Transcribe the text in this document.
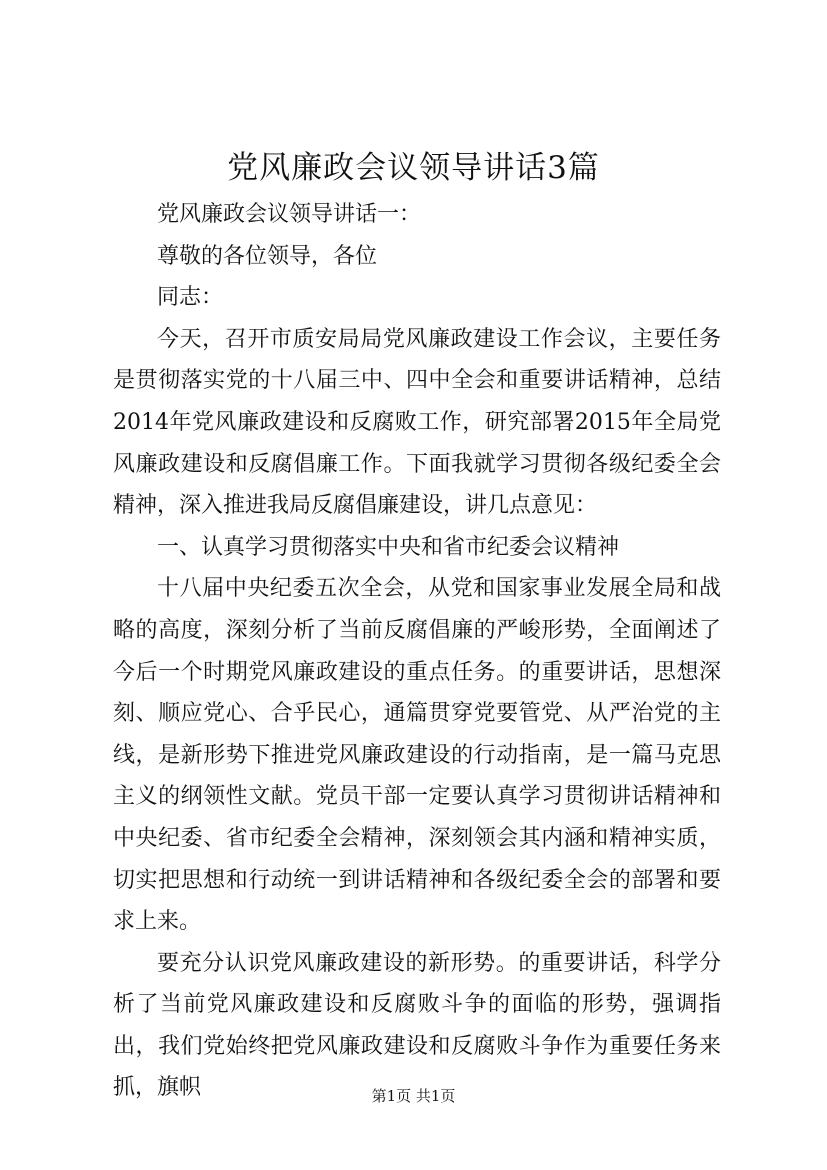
党风廉政会议领导讲话3篇

党风廉政会议领导讲话一：

尊敬的各位领导，各位

同志：

今天，召开市质安局局党风廉政建设工作会议，主要任务是贯彻落实党的十八届三中、四中全会和重要讲话精神，总结2014年党风廉政建设和反腐败工作，研究部署2015年全局党风廉政建设和反腐倡廉工作。下面我就学习贯彻各级纪委全会精神，深入推进我局反腐倡廉建设，讲几点意见：

一、认真学习贯彻落实中央和省市纪委会议精神

十八届中央纪委五次全会，从党和国家事业发展全局和战略的高度，深刻分析了当前反腐倡廉的严峻形势，全面阐述了今后一个时期党风廉政建设的重点任务。的重要讲话，思想深刻、顺应党心、合乎民心，通篇贯穿党要管党、从严治党的主线，是新形势下推进党风廉政建设的行动指南，是一篇马克思主义的纲领性文献。党员干部一定要认真学习贯彻讲话精神和中央纪委、省市纪委全会精神，深刻领会其内涵和精神实质，切实把思想和行动统一到讲话精神和各级纪委全会的部署和要求上来。

要充分认识党风廉政建设的新形势。的重要讲话，科学分析了当前党风廉政建设和反腐败斗争的面临的形势，强调指出，我们党始终把党风廉政建设和反腐败斗争作为重要任务来抓，旗帜	第1页 共1页
